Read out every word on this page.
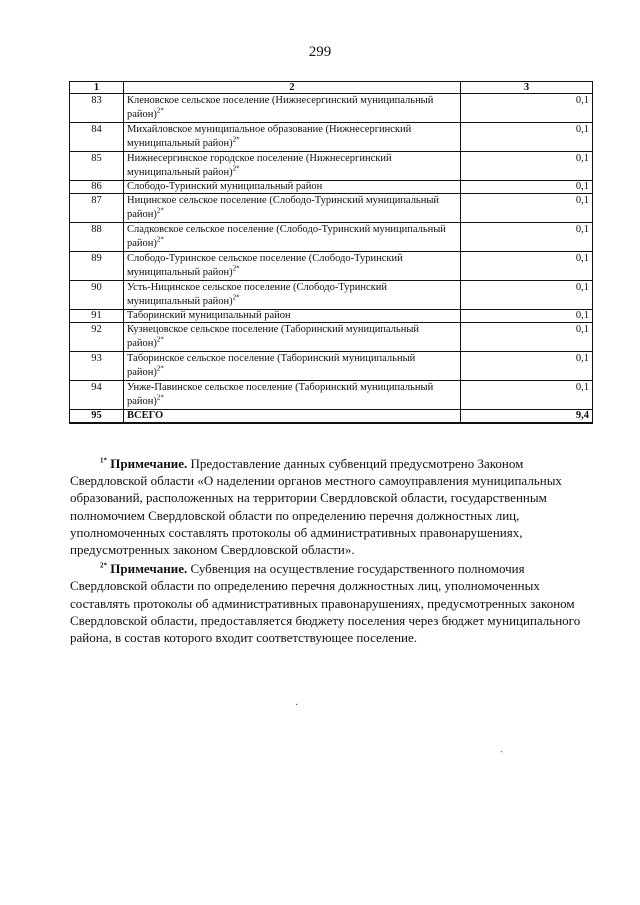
299
1	2	3
83	Кленовское сельское поселение (Нижнесергинский муниципальный
район)$^{2*}$	0,1
84	Михайловское муниципальное образование (Нижнесергинский
муниципальный район)$^{2*}$	0,1
85	Нижнесергинское городское поселение (Нижнесергинский
муниципальный район)$^{2*}$	0,1
86	Слободо-Туринский муниципальный район	0,1
87	Ницинское сельское поселение (Слободо-Туринский муниципальный
район)$^{2*}$	0,1
88	Сладковское сельское поселение (Слободо-Туринский муниципальный
район)$^{2*}$	0,1
89	Слободо-Туринское сельское поселение (Слободо-Туринский
муниципальный район)$^{2*}$	0,1
90	Усть-Ницинское сельское поселение (Слободо-Туринский
муниципальный район)$^{2*}$	0,1
91	Таборинский муниципальный район	0,1
92	Кузнецовское сельское поселение (Таборинский муниципальный
район)$^{2*}$	0,1
93	Таборинское сельское поселение (Таборинский муниципальный
район)$^{2*}$	0,1
94	Унже-Павинское сельское поселение (Таборинский муниципальный
район)$^{2*}$	0,1
95	ВСЕГО	9,4

$^{1*}$ Примечание. Предоставление данных субвенций предусмотрено Законом Свердловской области «О наделении органов местного самоуправления муниципальных образований, расположенных на территории Свердловской области, государственным полномочием Свердловской области по определению перечня должностных лиц, уполномоченных составлять протоколы об административных правонарушениях, предусмотренных законом Свердловской области».

$^{2*}$ Примечание. Субвенция на осуществление государственного полномочия Свердловской области по определению перечня должностных лиц, уполномоченных составлять протоколы об административных правонарушениях, предусмотренных законом Свердловской области, предоставляется бюджету поселения через бюджет муниципального района, в состав которого входит соответствующее поселение.

·
ˏ
